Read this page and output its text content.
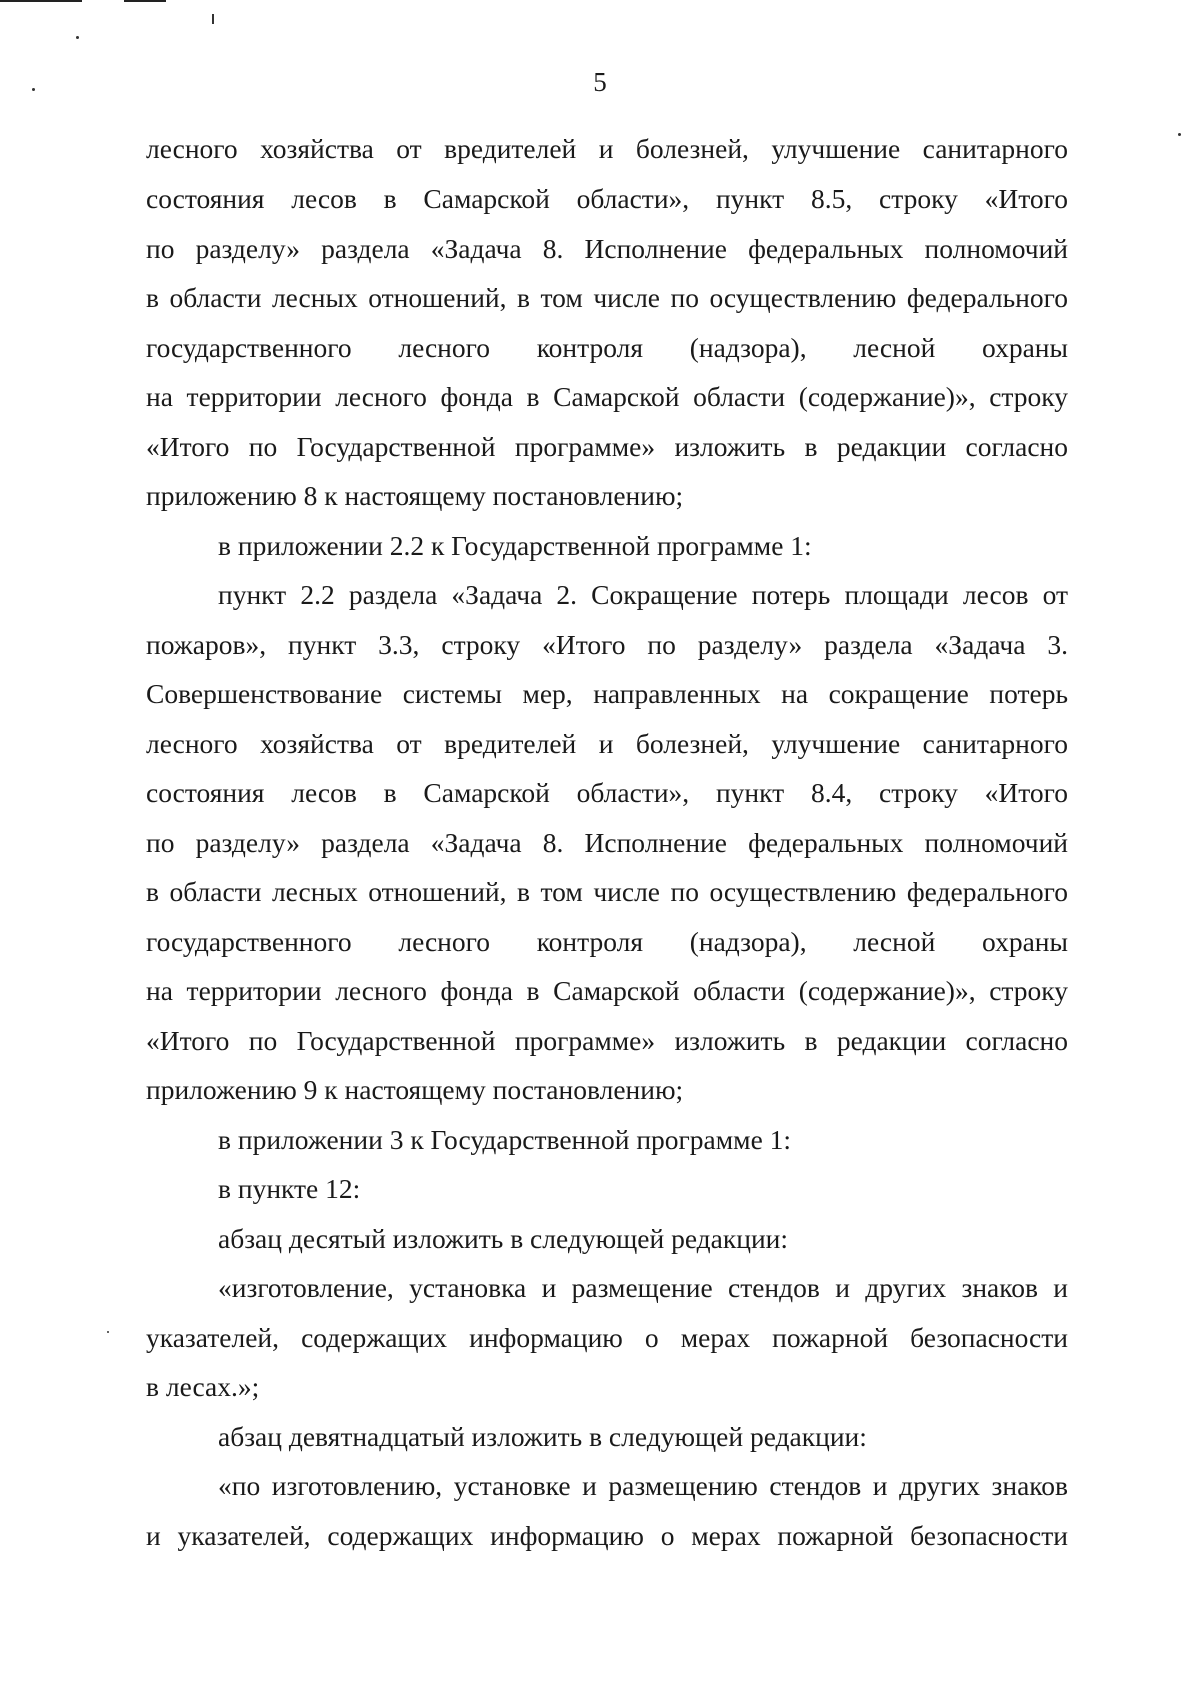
5
лесного хозяйства от вредителей и болезней, улучшение санитарного
состояния лесов в Самарской области», пункт 8.5, строку «Итого
по разделу» раздела «Задача 8. Исполнение федеральных полномочий
в области лесных отношений, в том числе по осуществлению федерального
государственного лесного контроля (надзора), лесной охраны
на территории лесного фонда в Самарской области (содержание)», строку
«Итого по Государственной программе» изложить в редакции согласно
приложению 8 к настоящему постановлению;
в приложении 2.2 к Государственной программе 1:
пункт 2.2 раздела «Задача 2. Сокращение потерь площади лесов от
пожаров», пункт 3.3, строку «Итого по разделу» раздела «Задача 3.
Совершенствование системы мер, направленных на сокращение потерь
лесного хозяйства от вредителей и болезней, улучшение санитарного
состояния лесов в Самарской области», пункт 8.4, строку «Итого
по разделу» раздела «Задача 8. Исполнение федеральных полномочий
в области лесных отношений, в том числе по осуществлению федерального
государственного лесного контроля (надзора), лесной охраны
на территории лесного фонда в Самарской области (содержание)», строку
«Итого по Государственной программе» изложить в редакции согласно
приложению 9 к настоящему постановлению;
в приложении 3 к Государственной программе 1:
в пункте 12:
абзац десятый изложить в следующей редакции:
«изготовление, установка и размещение стендов и других знаков и
указателей, содержащих информацию о мерах пожарной безопасности
в лесах.»;
абзац девятнадцатый изложить в следующей редакции:
«по изготовлению, установке и размещению стендов и других знаков
и указателей, содержащих информацию о мерах пожарной безопасности
